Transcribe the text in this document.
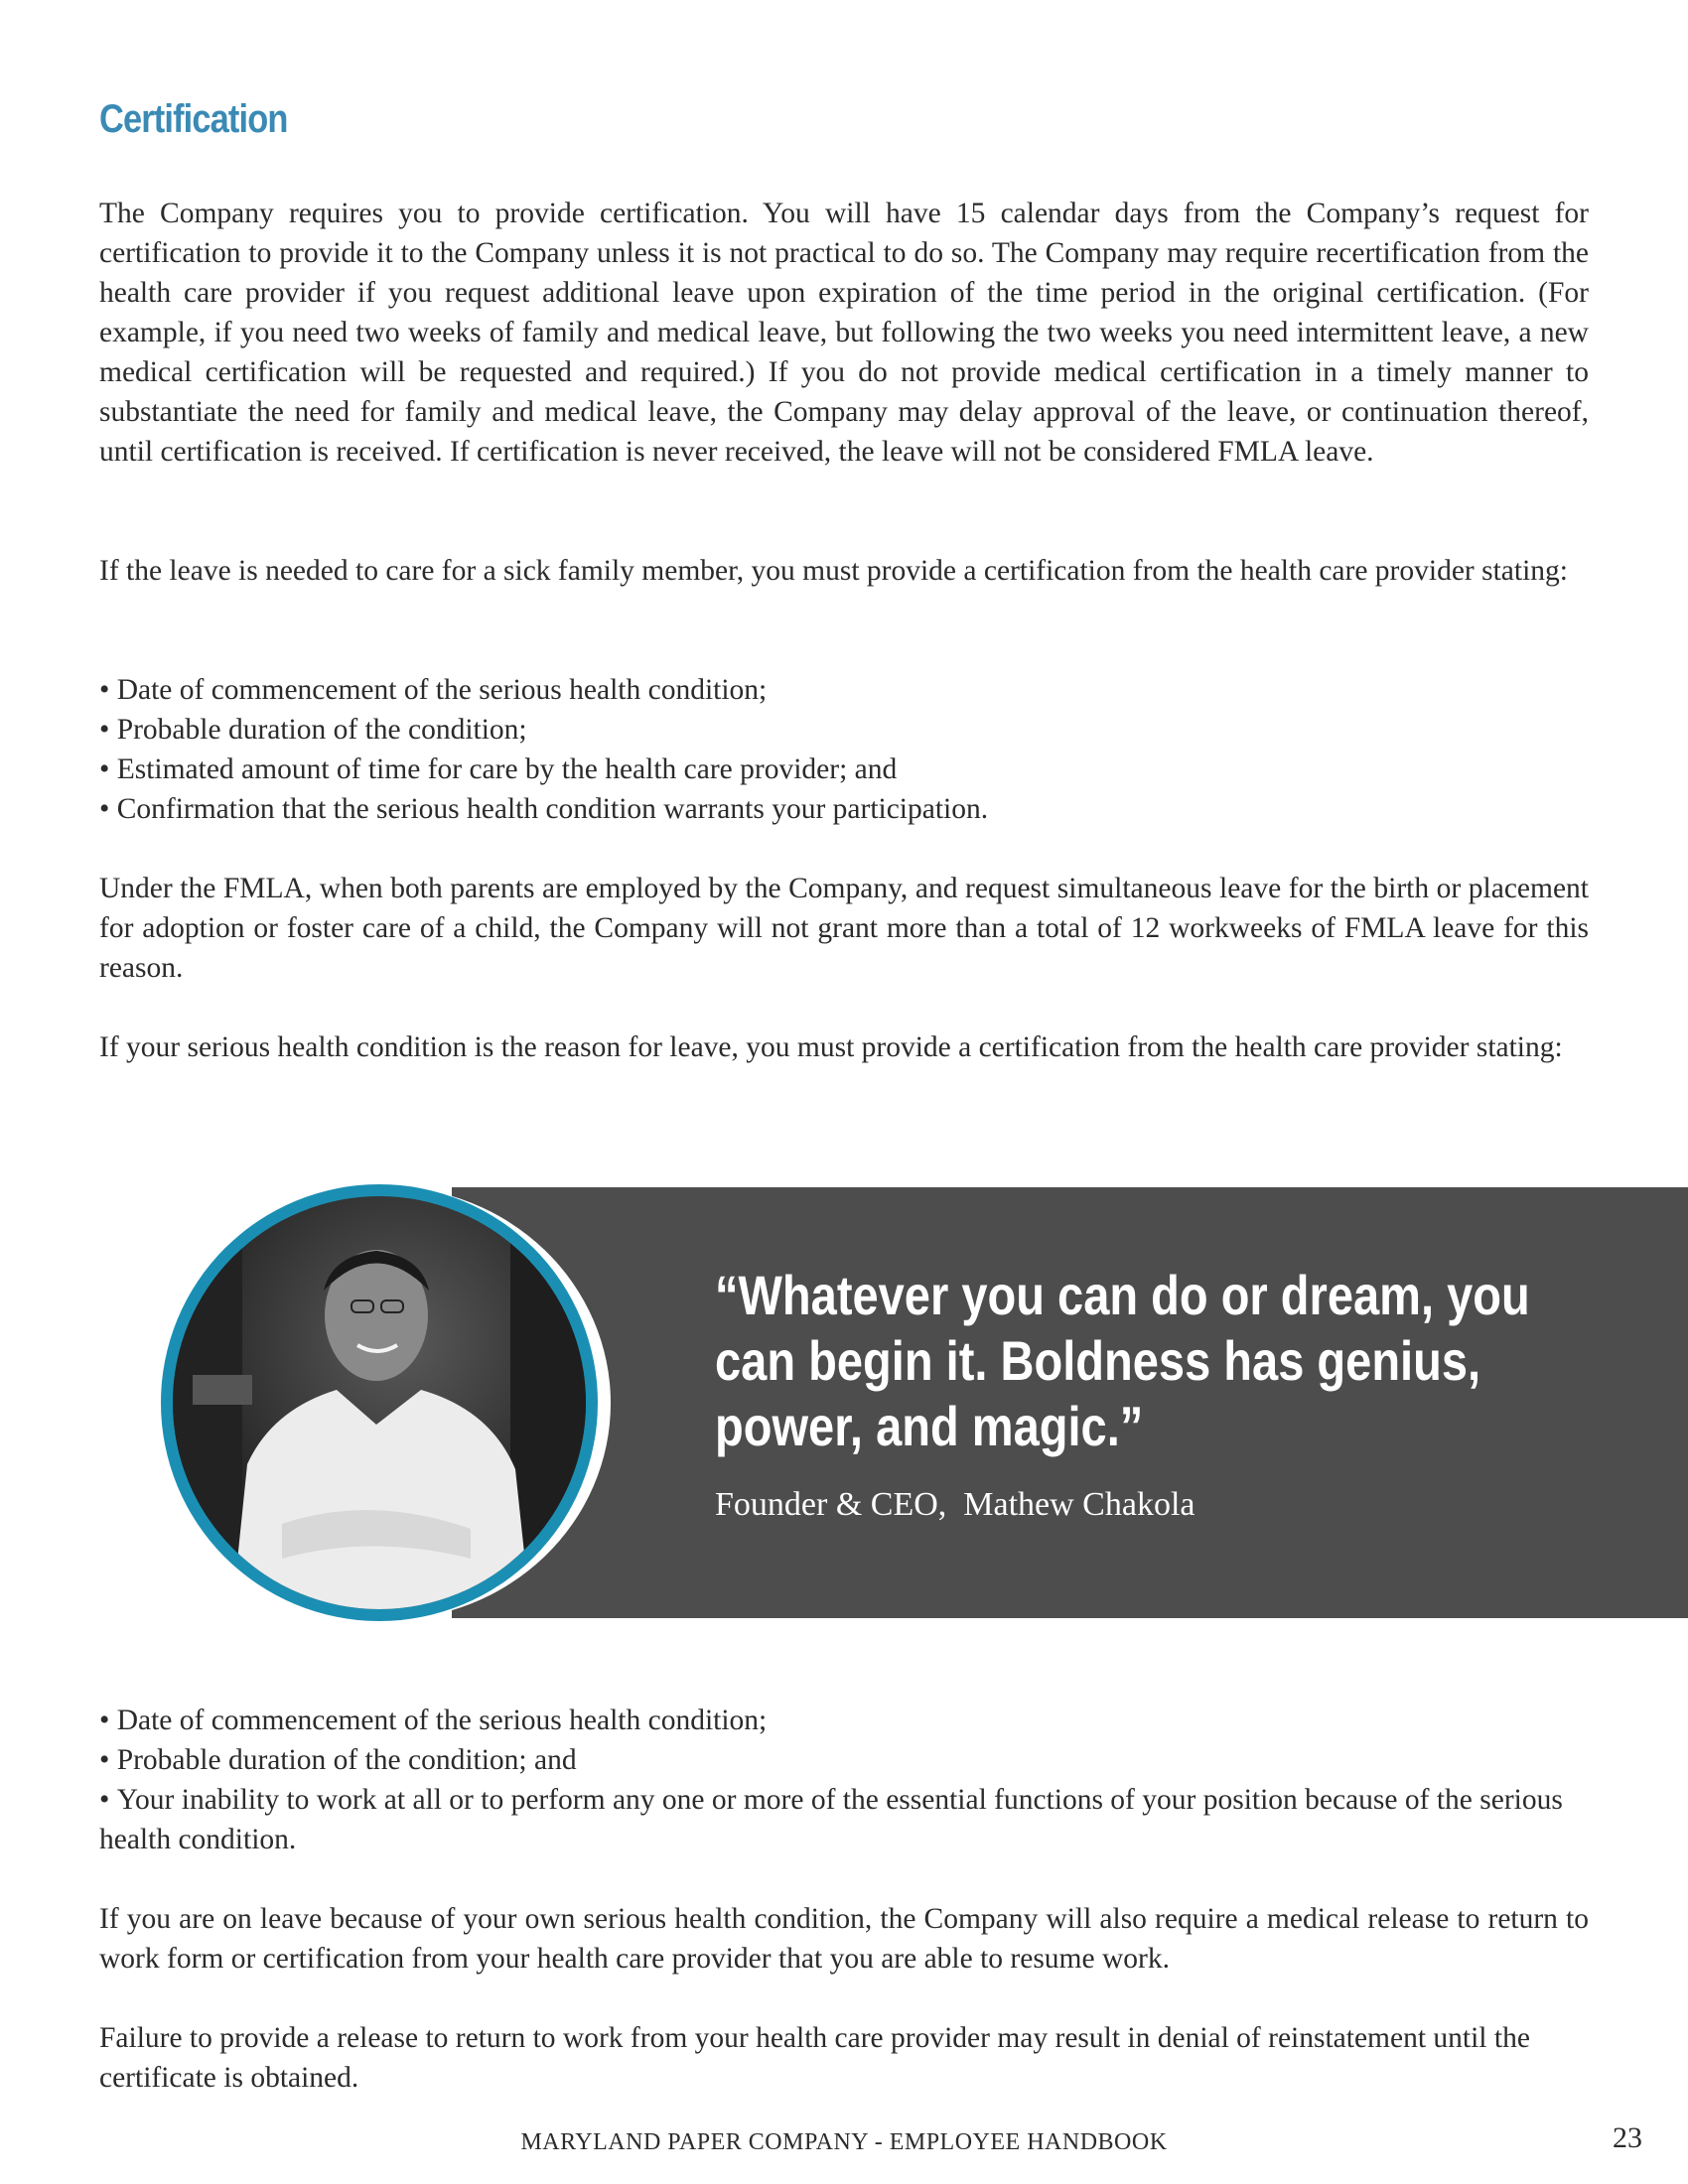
Certification

The Company requires you to provide certification. You will have 15 calendar days from the Company’s request for certification to provide it to the Company unless it is not practical to do so. The Company may require recertification from the health care provider if you request additional leave upon expiration of the time period in the original certification. (For example, if you need two weeks of family and medical leave, but following the two weeks you need intermittent leave, a new medical certification will be requested and required.) If you do not provide medical certification in a timely manner to substantiate the need for family and medical leave, the Company may delay approval of the leave, or continuation thereof, until certification is received. If certification is never received, the leave will not be considered FMLA leave.

If the leave is needed to care for a sick family member, you must provide a certification from the health care provider stating:

• Date of commencement of the serious health condition;
• Probable duration of the condition;
• Estimated amount of time for care by the health care provider; and
• Confirmation that the serious health condition warrants your participation.

Under the FMLA, when both parents are employed by the Company, and request simultaneous leave for the birth or placement for adoption or foster care of a child, the Company will not grant more than a total of 12 workweeks of FMLA leave for this reason.

If your serious health condition is the reason for leave, you must provide a certification from the health care provider stating:

“Whatever you can do or dream, you can begin it. Boldness has genius, power, and magic.”

Founder & CEO,  Mathew Chakola

• Date of commencement of the serious health condition;
• Probable duration of the condition; and
• Your inability to work at all or to perform any one or more of the essential functions of your position because of the serious health condition.

If you are on leave because of your own serious health condition, the Company will also require a medical release to return to work form or certification from your health care provider that you are able to resume work.

Failure to provide a release to return to work from your health care provider may result in denial of reinstatement until the certificate is obtained.

MARYLAND PAPER COMPANY - EMPLOYEE HANDBOOK	23
